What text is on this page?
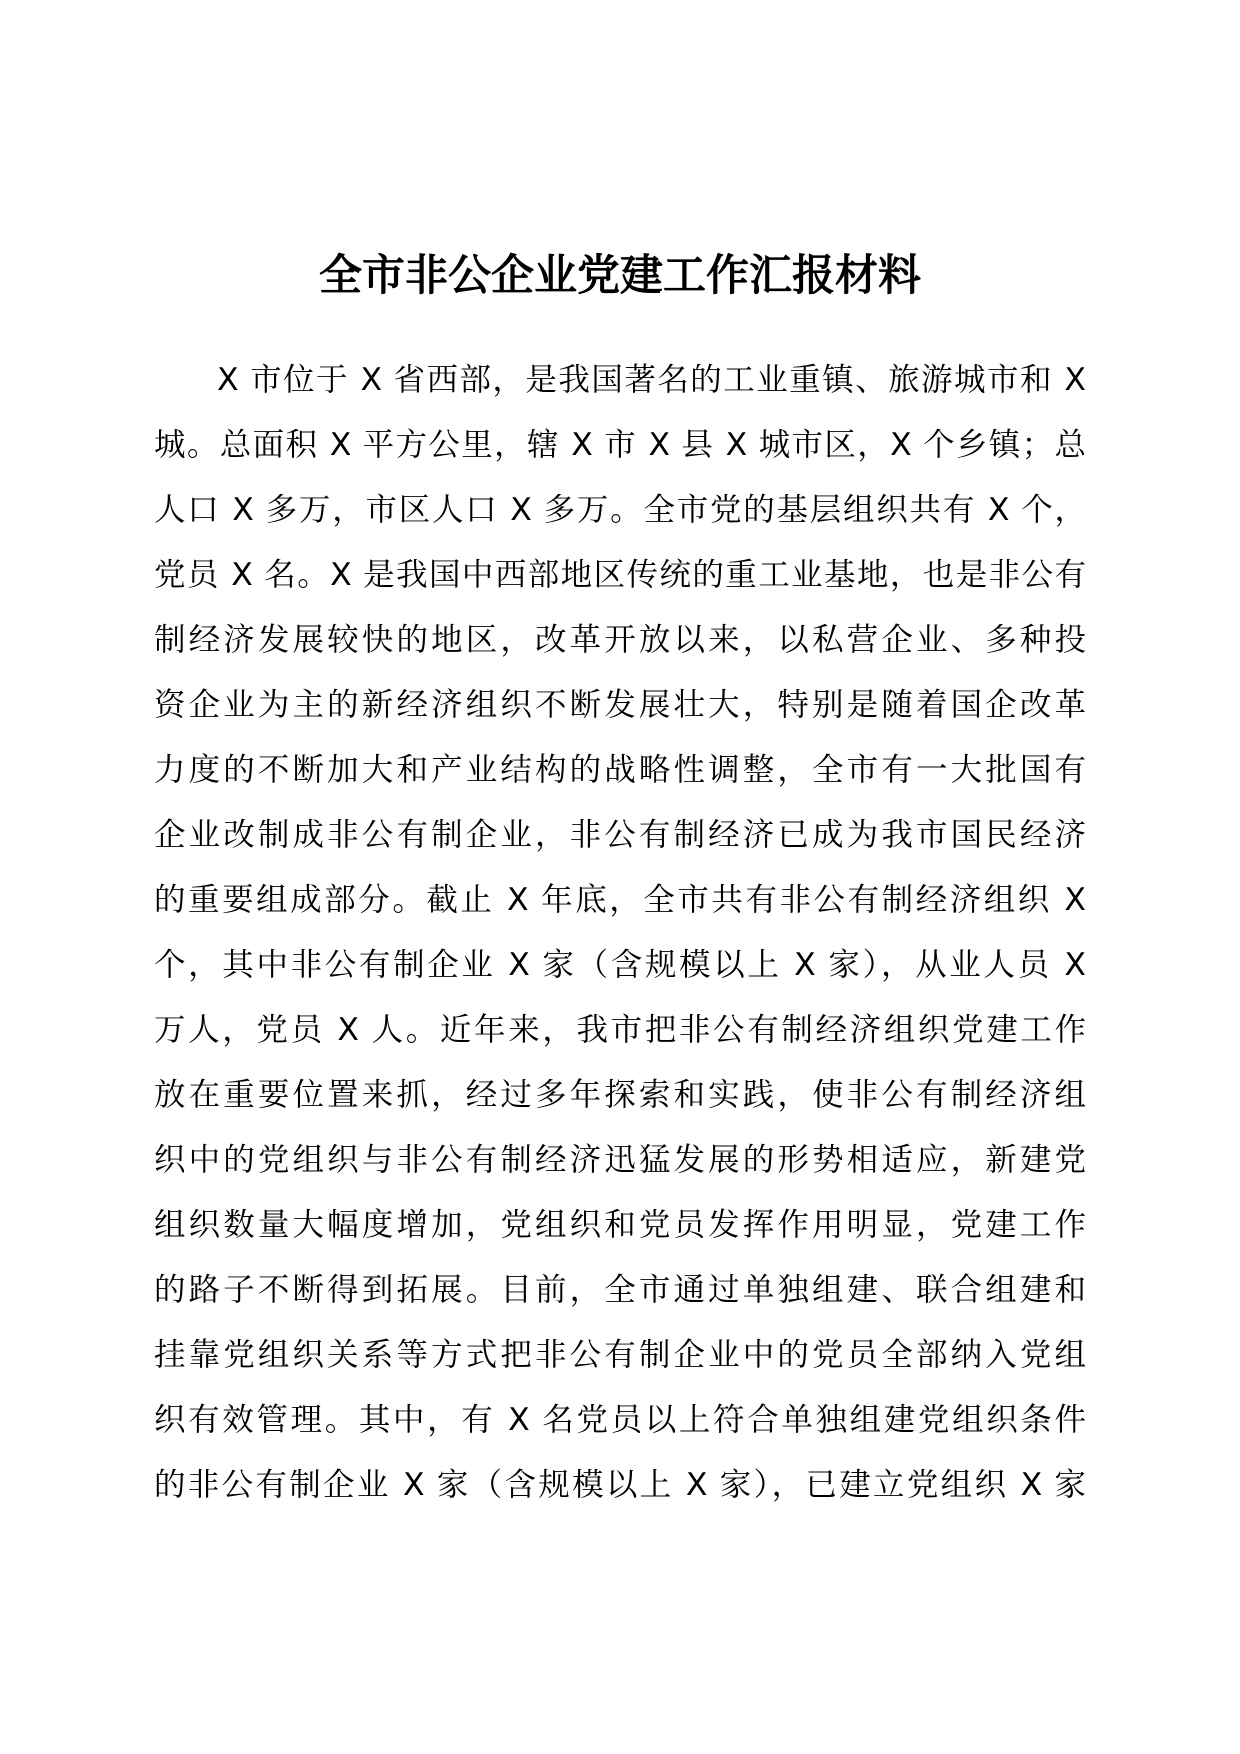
全市非公企业党建工作汇报材料
X 市位于 X 省西部，是我国著名的工业重镇、旅游城市和 X
城。总面积 X 平方公里，辖 X 市 X 县 X 城市区，X 个乡镇；总
人口 X 多万，市区人口 X 多万。全市党的基层组织共有 X 个，
党员 X 名。X 是我国中西部地区传统的重工业基地，也是非公有
制经济发展较快的地区，改革开放以来，以私营企业、多种投
资企业为主的新经济组织不断发展壮大，特别是随着国企改革
力度的不断加大和产业结构的战略性调整，全市有一大批国有
企业改制成非公有制企业，非公有制经济已成为我市国民经济
的重要组成部分。截止 X 年底，全市共有非公有制经济组织 X
个，其中非公有制企业 X 家（含规模以上 X 家），从业人员 X
万人，党员 X 人。近年来，我市把非公有制经济组织党建工作
放在重要位置来抓，经过多年探索和实践，使非公有制经济组
织中的党组织与非公有制经济迅猛发展的形势相适应，新建党
组织数量大幅度增加，党组织和党员发挥作用明显，党建工作
的路子不断得到拓展。目前，全市通过单独组建、联合组建和
挂靠党组织关系等方式把非公有制企业中的党员全部纳入党组
织有效管理。其中，有 X 名党员以上符合单独组建党组织条件
的非公有制企业 X 家（含规模以上 X 家），已建立党组织 X 家
